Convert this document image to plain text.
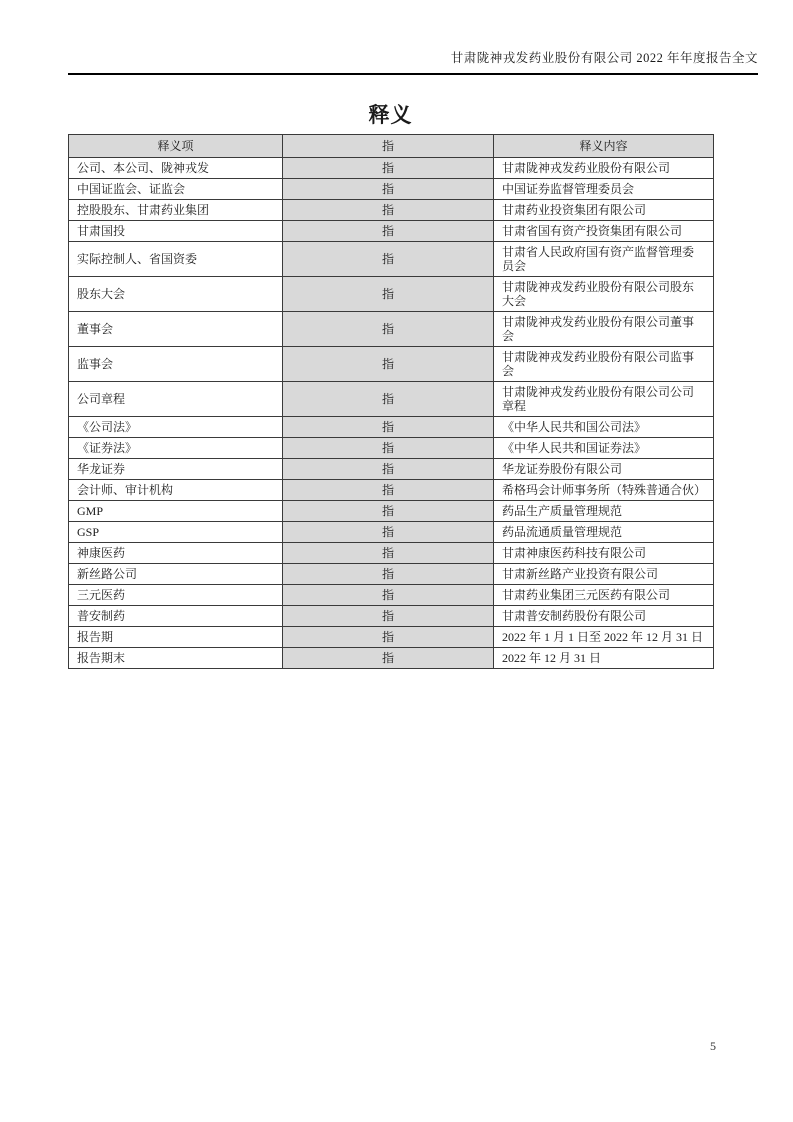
甘肃陇神戎发药业股份有限公司 2022 年年度报告全文
释义
释义项	指	释义内容
公司、本公司、陇神戎发	指	甘肃陇神戎发药业股份有限公司
中国证监会、证监会	指	中国证券监督管理委员会
控股股东、甘肃药业集团	指	甘肃药业投资集团有限公司
甘肃国投	指	甘肃省国有资产投资集团有限公司
实际控制人、省国资委	指	甘肃省人民政府国有资产监督管理委员会
股东大会	指	甘肃陇神戎发药业股份有限公司股东大会
董事会	指	甘肃陇神戎发药业股份有限公司董事会
监事会	指	甘肃陇神戎发药业股份有限公司监事会
公司章程	指	甘肃陇神戎发药业股份有限公司公司章程
《公司法》	指	《中华人民共和国公司法》
《证券法》	指	《中华人民共和国证券法》
华龙证券	指	华龙证券股份有限公司
会计师、审计机构	指	希格玛会计师事务所（特殊普通合伙）
GMP	指	药品生产质量管理规范
GSP	指	药品流通质量管理规范
神康医药	指	甘肃神康医药科技有限公司
新丝路公司	指	甘肃新丝路产业投资有限公司
三元医药	指	甘肃药业集团三元医药有限公司
普安制药	指	甘肃普安制药股份有限公司
报告期	指	2022 年 1 月 1 日至 2022 年 12 月 31 日
报告期末	指	2022 年 12 月 31 日
5
